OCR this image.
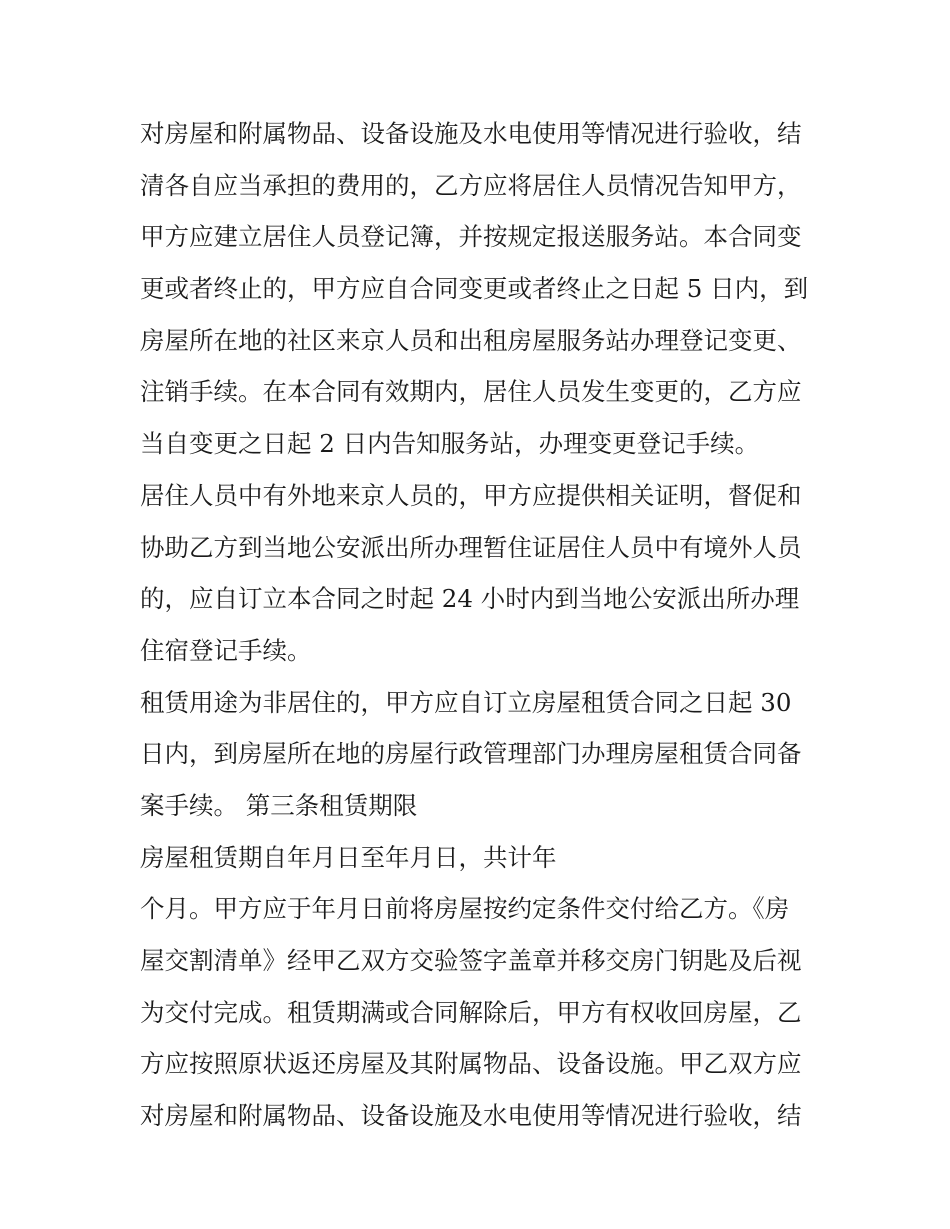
对房屋和附属物品、设备设施及水电使用等情况进行验收，结
清各自应当承担的费用的，乙方应将居住人员情况告知甲方，
甲方应建立居住人员登记簿，并按规定报送服务站。本合同变
更或者终止的，甲方应自合同变更或者终止之日起 5 日内，到
房屋所在地的社区来京人员和出租房屋服务站办理登记变更、
注销手续。在本合同有效期内，居住人员发生变更的，乙方应
当自变更之日起 2 日内告知服务站，办理变更登记手续。
居住人员中有外地来京人员的，甲方应提供相关证明，督促和
协助乙方到当地公安派出所办理暂住证居住人员中有境外人员
的，应自订立本合同之时起 24 小时内到当地公安派出所办理
住宿登记手续。
租赁用途为非居住的，甲方应自订立房屋租赁合同之日起 30
日内，到房屋所在地的房屋行政管理部门办理房屋租赁合同备
案手续。 第三条租赁期限
房屋租赁期自年月日至年月日，共计年
个月。甲方应于年月日前将房屋按约定条件交付给乙方。《房
屋交割清单》经甲乙双方交验签字盖章并移交房门钥匙及后视
为交付完成。租赁期满或合同解除后，甲方有权收回房屋，乙
方应按照原状返还房屋及其附属物品、设备设施。甲乙双方应
对房屋和附属物品、设备设施及水电使用等情况进行验收，结
